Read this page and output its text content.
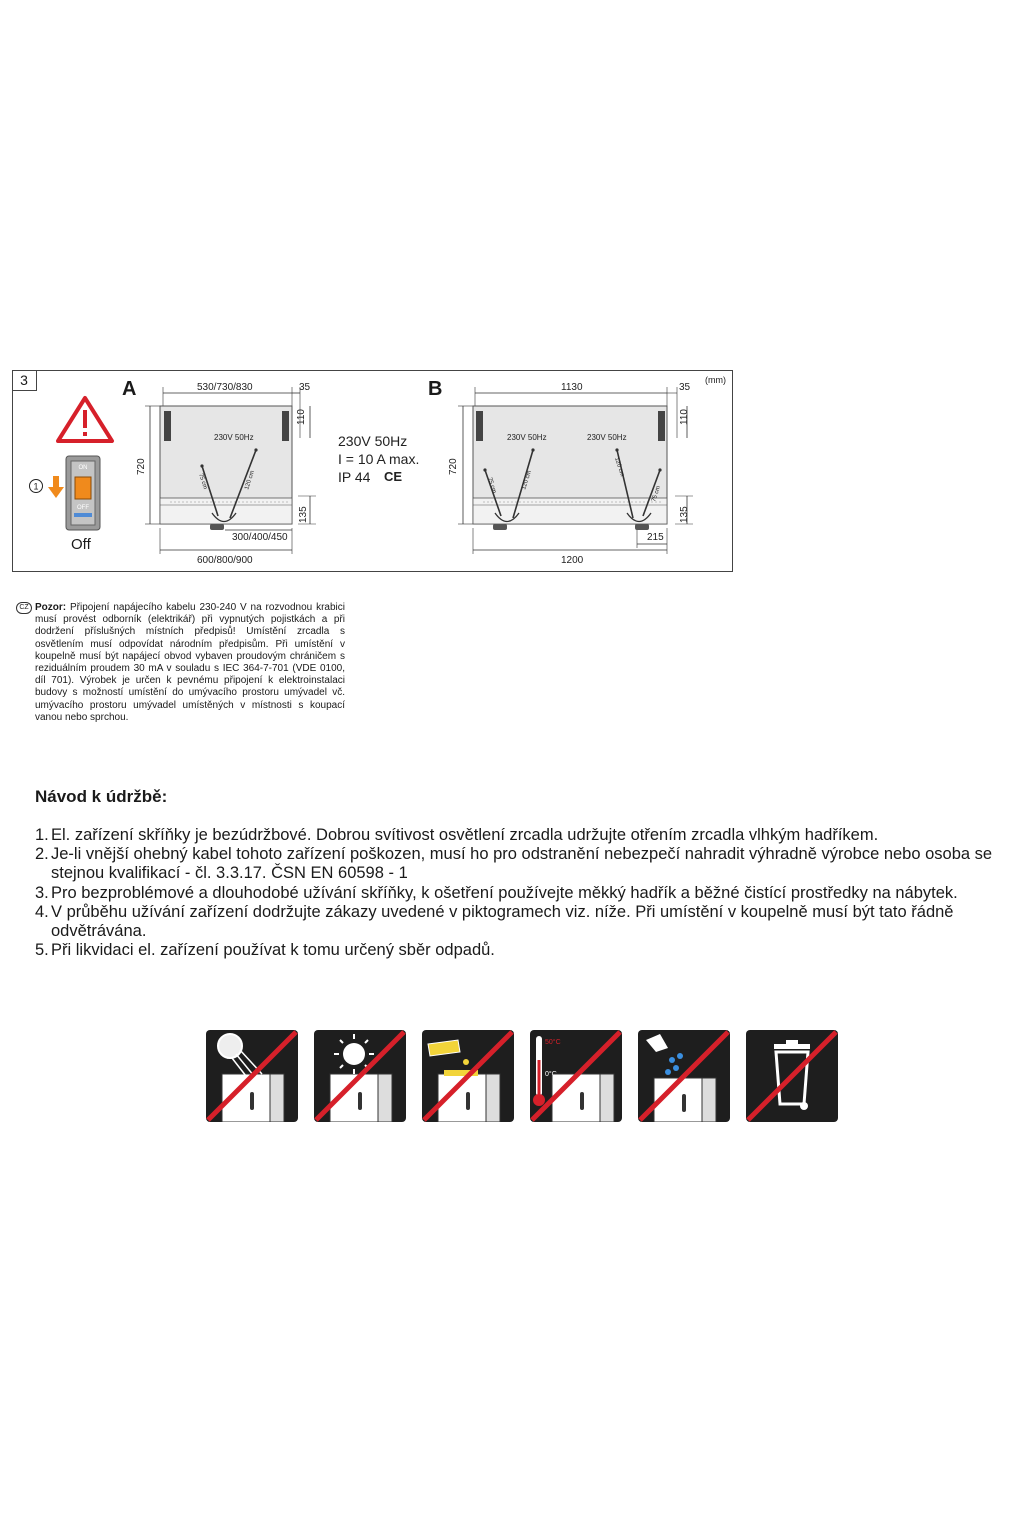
3
1
ON
OFF
Off
A	530/730/830	35
110
720
135
300/400/450
600/800/900
230V 50Hz
120 cm
75 cm
230V 50Hz
I = 10 A max.
IP 44 CE
B	1130	35
(mm)
110
720
135
215
1200
230V 50Hz	230V 50Hz
120 cm
75 cm
120 cm
75 cm
CZ Pozor: Připojení napájecího kabelu 230-240 V na rozvodnou krabici musí provést odborník (elektrikář) při vypnutých pojistkách a při dodržení příslušných místních předpisů! Umístění zrcadla s osvětlením musí odpovídat národním předpisům. Při umístění v koupelně musí být napájecí obvod vybaven proudovým chráničem s reziduálním proudem 30 mA v souladu s IEC 364-7-701 (VDE 0100, díl 701). Výrobek je určen k pevnému připojení k elektroinstalaci budovy s možností umístění do umývacího prostoru umývadel vč. umývacího prostoru umývadel umístěných v místnosti s koupací vanou nebo sprchou.
Návod k údržbě:
1. El. zařízení skříňky je bezúdržbové. Dobrou svítivost osvětlení zrcadla udržujte otřením zrcadla vlhkým hadříkem.
2. Je-li vnější ohebný kabel tohoto zařízení poškozen, musí ho pro odstranění nebezpečí nahradit výhradně výrobce nebo osoba se stejnou kvalifikací - čl. 3.3.17. ČSN EN 60598 - 1
3. Pro bezproblémové a dlouhodobé užívání skříňky, k ošetření používejte měkký hadřík a běžné čistící prostředky na nábytek.
4. V průběhu užívání zařízení dodržujte zákazy uvedené v piktogramech viz. níže. Při umístění v koupelně musí být tato řádně odvětrávána.
5. Při likvidaci el. zařízení používat k tomu určený sběr odpadů.
50°C
0°C
